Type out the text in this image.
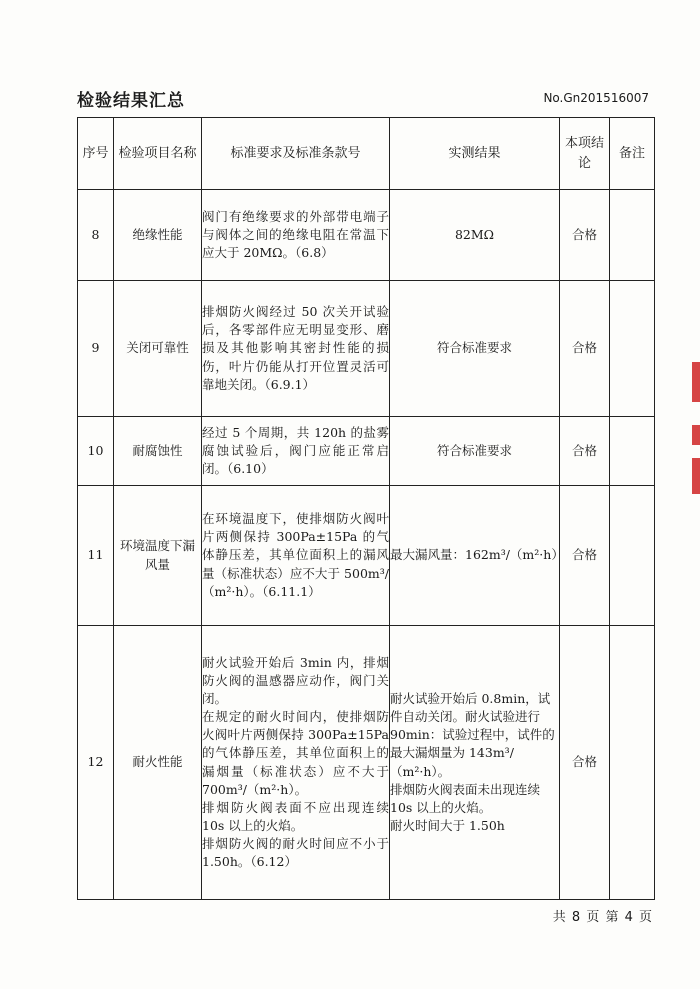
检验结果汇总	No.Gn201516007
序号	检验项目名称	标准要求及标准条款号	实测结果	本项结论	备注
8	绝缘性能	阀门有绝缘要求的外部带电端子与阀体之间的绝缘电阻在常温下应大于 20MΩ。（6.8）	82MΩ	合格	
9	关闭可靠性	排烟防火阀经过 50 次关开试验后，各零部件应无明显变形、磨损及其他影响其密封性能的损伤，叶片仍能从打开位置灵活可靠地关闭。（6.9.1）	符合标准要求	合格	
10	耐腐蚀性	经过 5 个周期，共 120h 的盐雾腐蚀试验后，阀门应能正常启闭。（6.10）	符合标准要求	合格	
11	环境温度下漏风量	在环境温度下，使排烟防火阀叶片两侧保持 300Pa±15Pa 的气体静压差，其单位面积上的漏风量（标准状态）应不大于 500m³/（m²·h）。（6.11.1）	最大漏风量：162m³/（m²·h）	合格	
12	耐火性能	耐火试验开始后 3min 内，排烟防火阀的温感器应动作，阀门关闭。
在规定的耐火时间内，使排烟防火阀叶片两侧保持 300Pa±15Pa 的气体静压差，其单位面积上的漏烟量（标准状态）应不大于 700m³/（m²·h）。
排烟防火阀表面不应出现连续 10s 以上的火焰。
排烟防火阀的耐火时间应不小于 1.50h。（6.12）	耐火试验开始后 0.8min，试件自动关闭。耐火试验进行 90min：试验过程中，试件的最大漏烟量为 143m³/（m²·h）。
排烟防火阀表面未出现连续 10s 以上的火焰。
耐火时间大于 1.50h	合格	
共 8 页 第 4 页
